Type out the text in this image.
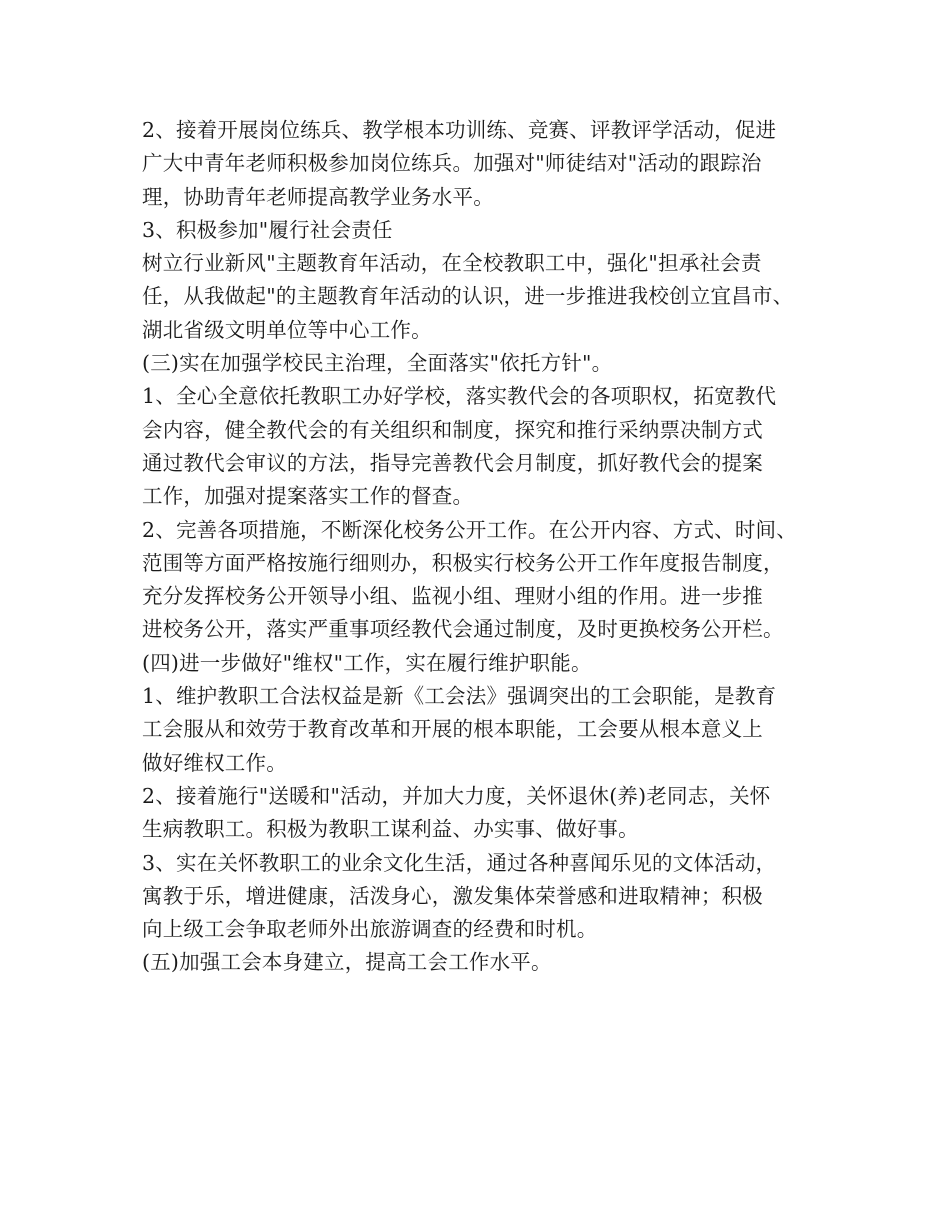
2、接着开展岗位练兵、教学根本功训练、竞赛、评教评学活动，促进
广大中青年老师积极参加岗位练兵。加强对"师徒结对"活动的跟踪治
理，协助青年老师提高教学业务水平。
3、积极参加"履行社会责任
树立行业新风"主题教育年活动，在全校教职工中，强化"担承社会责
任，从我做起"的主题教育年活动的认识，进一步推进我校创立宜昌市、
湖北省级文明单位等中心工作。
(三)实在加强学校民主治理，全面落实"依托方针"。
1、全心全意依托教职工办好学校，落实教代会的各项职权，拓宽教代
会内容，健全教代会的有关组织和制度，探究和推行采纳票决制方式
通过教代会审议的方法，指导完善教代会月制度，抓好教代会的提案
工作，加强对提案落实工作的督查。
2、完善各项措施，不断深化校务公开工作。在公开内容、方式、时间、
范围等方面严格按施行细则办，积极实行校务公开工作年度报告制度，
充分发挥校务公开领导小组、监视小组、理财小组的作用。进一步推
进校务公开，落实严重事项经教代会通过制度，及时更换校务公开栏。
(四)进一步做好"维权"工作，实在履行维护职能。
1、维护教职工合法权益是新《工会法》强调突出的工会职能，是教育
工会服从和效劳于教育改革和开展的根本职能，工会要从根本意义上
做好维权工作。
2、接着施行"送暖和"活动，并加大力度，关怀退休(养)老同志，关怀
生病教职工。积极为教职工谋利益、办实事、做好事。
3、实在关怀教职工的业余文化生活，通过各种喜闻乐见的文体活动，
寓教于乐，增进健康，活泼身心，激发集体荣誉感和进取精神；积极
向上级工会争取老师外出旅游调查的经费和时机。
(五)加强工会本身建立，提高工会工作水平。
